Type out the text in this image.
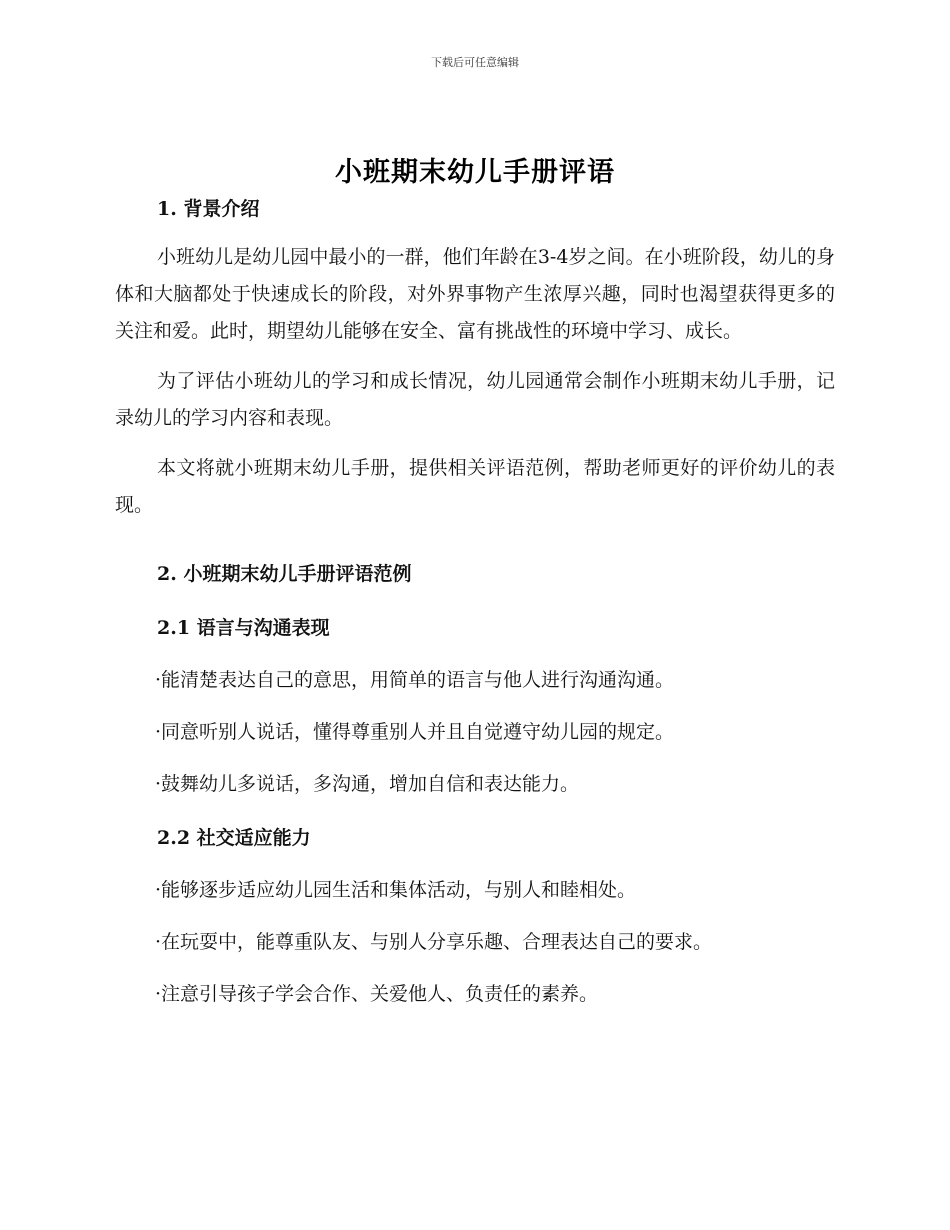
下载后可任意编辑
小班期末幼儿手册评语
1. 背景介绍

小班幼儿是幼儿园中最小的一群，他们年龄在3-4岁之间。在小班阶段，幼儿的身体和大脑都处于快速成长的阶段，对外界事物产生浓厚兴趣，同时也渴望获得更多的关注和爱。此时，期望幼儿能够在安全、富有挑战性的环境中学习、成长。

为了评估小班幼儿的学习和成长情况，幼儿园通常会制作小班期末幼儿手册，记录幼儿的学习内容和表现。

本文将就小班期末幼儿手册，提供相关评语范例，帮助老师更好的评价幼儿的表现。

2. 小班期末幼儿手册评语范例
2.1 语言与沟通表现
·能清楚表达自己的意思，用简单的语言与他人进行沟通沟通。
·同意听别人说话，懂得尊重别人并且自觉遵守幼儿园的规定。
·鼓舞幼儿多说话，多沟通，增加自信和表达能力。
2.2 社交适应能力
·能够逐步适应幼儿园生活和集体活动，与别人和睦相处。
·在玩耍中，能尊重队友、与别人分享乐趣、合理表达自己的要求。
·注意引导孩子学会合作、关爱他人、负责任的素养。
